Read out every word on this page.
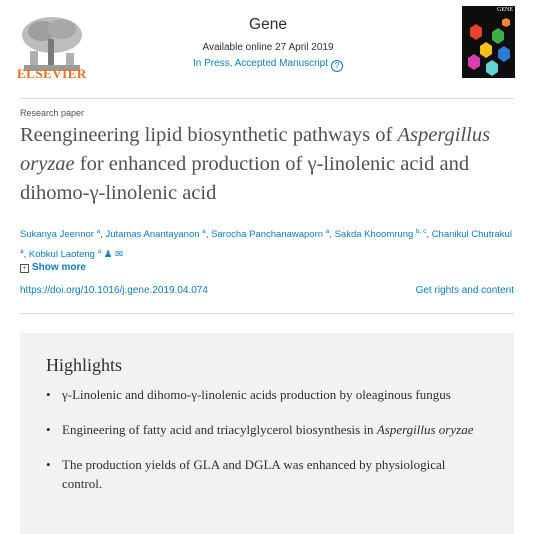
ELSEVIER
Gene
Available online 27 April 2019
In Press, Accepted Manuscript ?
GENE
Research paper
Reengineering lipid biosynthetic pathways of Aspergillus oryzae for enhanced production of γ-linolenic acid and dihomo-γ-linolenic acid
Sukanya Jeennor $^a$, Jutamas Anantayanon $^a$, Sarocha Panchanawaporn $^a$, Sakda Khoomrung $^{b, c}$, Chanikul Chutrakul $^a$, Kobkul Laoteng $^a$ ♟ ✉
+ Show more
https://doi.org/10.1016/j.gene.2019.04.074	Get rights and content
Highlights
• γ-Linolenic and dihomo-γ-linolenic acids production by oleaginous fungus
• Engineering of fatty acid and triacylglycerol biosynthesis in Aspergillus oryzae
• The production yields of GLA and DGLA was enhanced by physiological control.
